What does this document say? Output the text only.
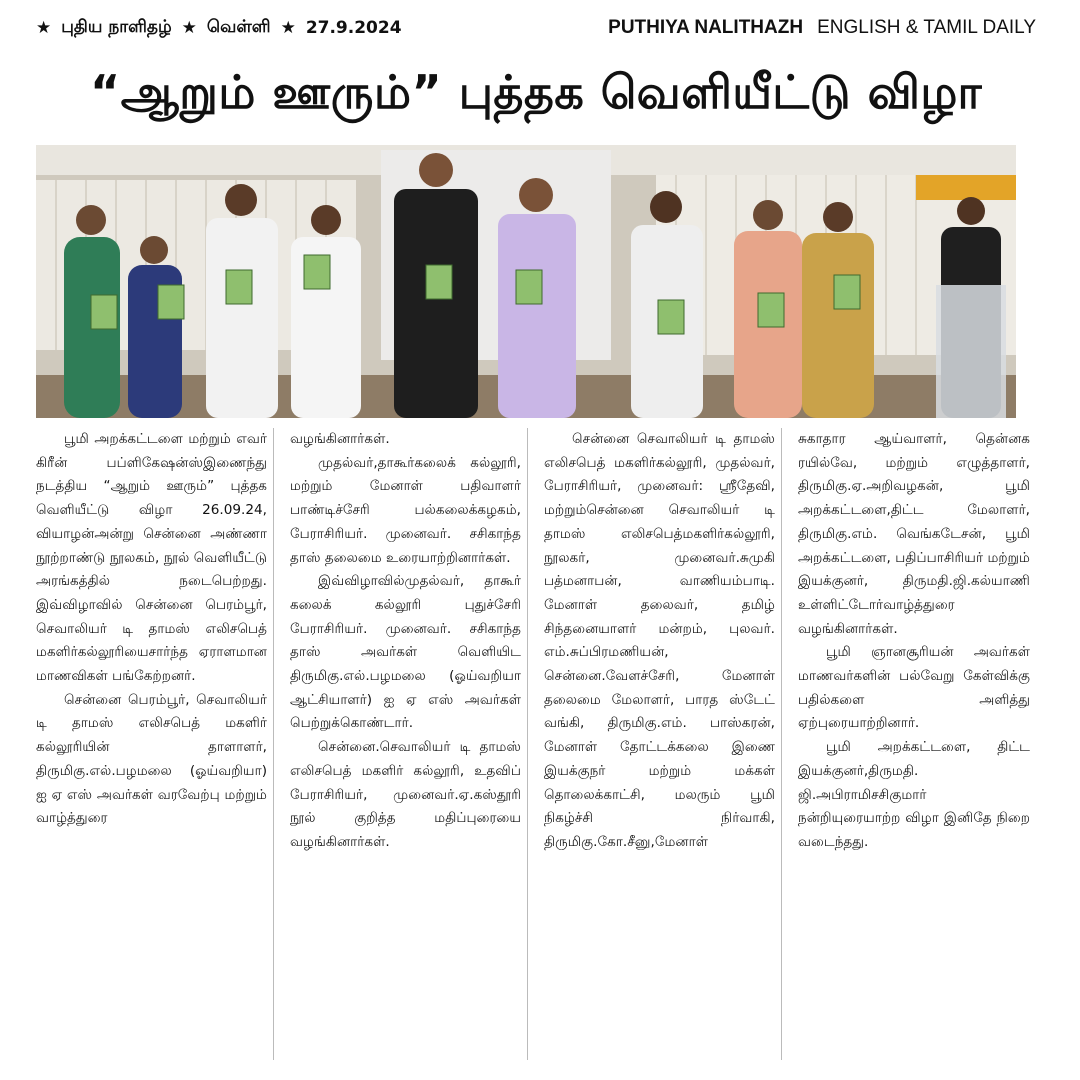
★ புதிய நாளிதழ் ★ வெள்ளி ★ 27.9.2024	PUTHIYA NALITHAZH ENGLISH & TAMIL DAILY
“ஆறும் ஊரும்” புத்தக வெளியீட்டு விழா

பூமி அறக்கட்டளை மற்றும் எவர் கிரீன் பப்ளிகேஷன்ஸ்இணைந்து நடத்திய “ஆறும் ஊரும்” புத்தக வெளியீட்டு விழா 26.09.24, வியாழன்அன்று சென்னை அண்ணா நூற்றாண்டு நூலகம், நூல் வெளியீட்டு அரங்கத்தில் நடைபெற்றது. இவ்விழாவில் சென்னை பெரம்பூர், செவாலியர் டி தாமஸ் எலிசபெத் மகளிர்கல்லூரியைசார்ந்த ஏராளமான மாணவிகள் பங்கேற்றனர்.

சென்னை பெரம்பூர், செவாலியர் டி தாமஸ் எலிசபெத் மகளிர் கல்லூரியின் தாளாளர், திருமிகு.எல்.பழமலை (ஓய்வறியா) ஐ ஏ எஸ் அவர்கள் வரவேற்பு மற்றும் வாழ்த்துரை

வழங்கினார்கள்.

முதல்வர்,தாகூர்கலைக் கல்லூரி, மற்றும் மேனாள் பதிவாளர் பாண்டிச்சேரி பல்கலைக்கழகம், பேராசிரியர். முனைவர். சசிகாந்த தாஸ் தலைமை உரையாற்றினார்கள்.

இவ்விழாவில்முதல்வர், தாகூர் கலைக் கல்லூரி புதுச்சேரி பேராசிரியர். முனைவர். சசிகாந்த தாஸ் அவர்கள் வெளியிட திருமிகு.எல்.பழமலை (ஓய்வறியா ஆட்சியாளர்) ஐ ஏ எஸ் அவர்கள் பெற்றுக்கொண்டார்.

சென்னை.செவாலியர் டி தாமஸ் எலிசபெத் மகளிர் கல்லூரி, உதவிப் பேராசிரியர், முனைவர்.ஏ.கஸ்தூரி நூல் குறித்த மதிப்புரையை வழங்கினார்கள்.

சென்னை செவாலியர் டி தாமஸ் எலிசபெத் மகளிர்கல்லூரி, முதல்வர், பேராசிரியர், முனைவர்: ஸ்ரீதேவி, மற்றும்சென்னை செவாலியர் டி தாமஸ் எலிசபெத்மகளிர்கல்லூரி, நூலகர், முனைவர்.சுமுகி பத்மனாபன், வாணியம்பாடி. மேனாள் தலைவர், தமிழ் சிந்தனையாளர் மன்றம், புலவர். எம்.சுப்பிரமணியன், சென்னை.வேளச்சேரி, மேனாள் தலைமை மேலாளர், பாரத ஸ்டேட் வங்கி, திருமிகு.எம். பாஸ்கரன், மேனாள் தோட்டக்கலை இணை இயக்குநர் மற்றும் மக்கள் தொலைக்காட்சி, மலரும் பூமி நிகழ்ச்சி நிர்வாகி, திருமிகு.கோ.சீனு,மேனாள்

சுகாதார ஆய்வாளர், தென்னக ரயில்வே, மற்றும் எழுத்தாளர், திருமிகு.ஏ.அறிவழகன், பூமி அறக்கட்டளை,திட்ட மேலாளர், திருமிகு.எம். வெங்கடேசன், பூமி அறக்கட்டளை, பதிப்பாசிரியர் மற்றும் இயக்குனர், திருமதி.ஜி.கல்யாணி உள்ளிட்டோர்வாழ்த்துரை வழங்கினார்கள்.

பூமி ஞானசூரியன் அவர்கள் மாணவர்களின் பல்வேறு கேள்விக்கு பதில்களை அளித்து ஏற்புரையாற்றினார்.

பூமி அறக்கட்டளை, திட்ட இயக்குனர்,திருமதி. ஜி.அபிராமிசசிகுமார் நன்றியுரையாற்ற விழா இனிதே நிறை வடைந்தது.
